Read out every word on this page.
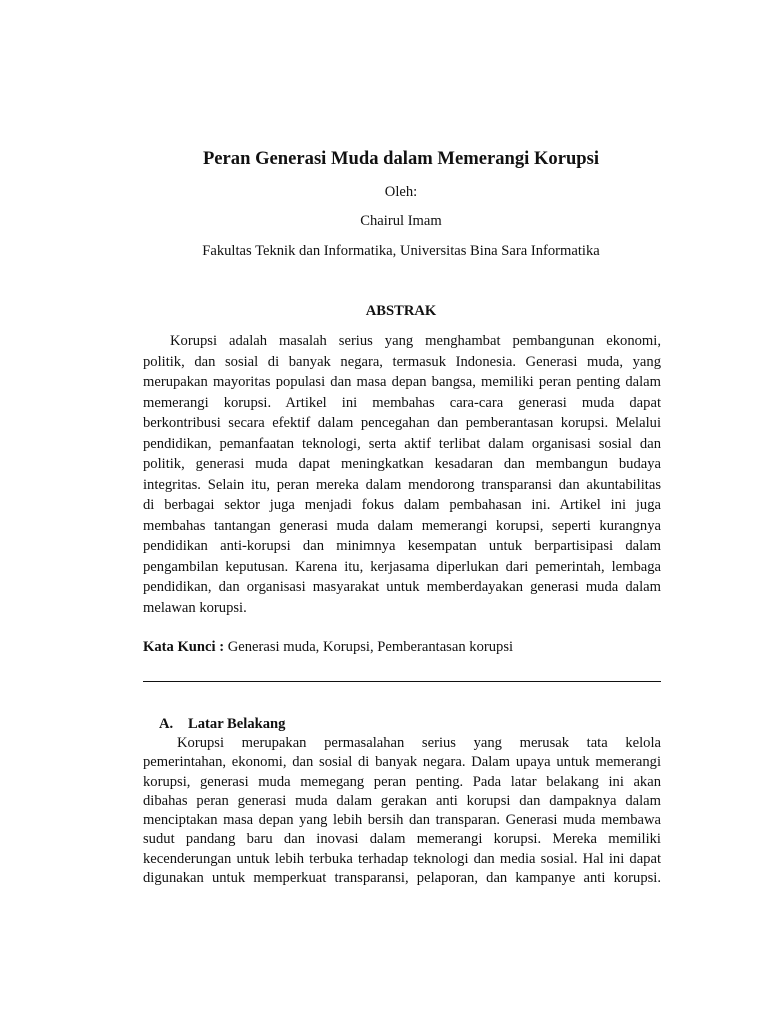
Peran Generasi Muda dalam Memerangi Korupsi
Oleh:
Chairul Imam
Fakultas Teknik dan Informatika, Universitas Bina Sara Informatika
ABSTRAK
Korupsi adalah masalah serius yang menghambat pembangunan ekonomi,
politik, dan sosial di banyak negara, termasuk Indonesia. Generasi muda, yang
merupakan mayoritas populasi dan masa depan bangsa, memiliki peran penting dalam
memerangi korupsi. Artikel ini membahas cara-cara generasi muda dapat
berkontribusi secara efektif dalam pencegahan dan pemberantasan korupsi. Melalui
pendidikan, pemanfaatan teknologi, serta aktif terlibat dalam organisasi sosial dan
politik, generasi muda dapat meningkatkan kesadaran dan membangun budaya
integritas. Selain itu, peran mereka dalam mendorong transparansi dan akuntabilitas
di berbagai sektor juga menjadi fokus dalam pembahasan ini. Artikel ini juga
membahas tantangan generasi muda dalam memerangi korupsi, seperti kurangnya
pendidikan anti-korupsi dan minimnya kesempatan untuk berpartisipasi dalam
pengambilan keputusan. Karena itu, kerjasama diperlukan dari pemerintah, lembaga
pendidikan, dan organisasi masyarakat untuk memberdayakan generasi muda dalam
melawan korupsi.
Kata Kunci : Generasi muda, Korupsi, Pemberantasan korupsi
A. Latar Belakang
Korupsi merupakan permasalahan serius yang merusak tata kelola
pemerintahan, ekonomi, dan sosial di banyak negara. Dalam upaya untuk memerangi
korupsi, generasi muda memegang peran penting. Pada latar belakang ini akan
dibahas peran generasi muda dalam gerakan anti korupsi dan dampaknya dalam
menciptakan masa depan yang lebih bersih dan transparan. Generasi muda membawa
sudut pandang baru dan inovasi dalam memerangi korupsi. Mereka memiliki
kecenderungan untuk lebih terbuka terhadap teknologi dan media sosial. Hal ini dapat
digunakan untuk memperkuat transparansi, pelaporan, dan kampanye anti korupsi.
